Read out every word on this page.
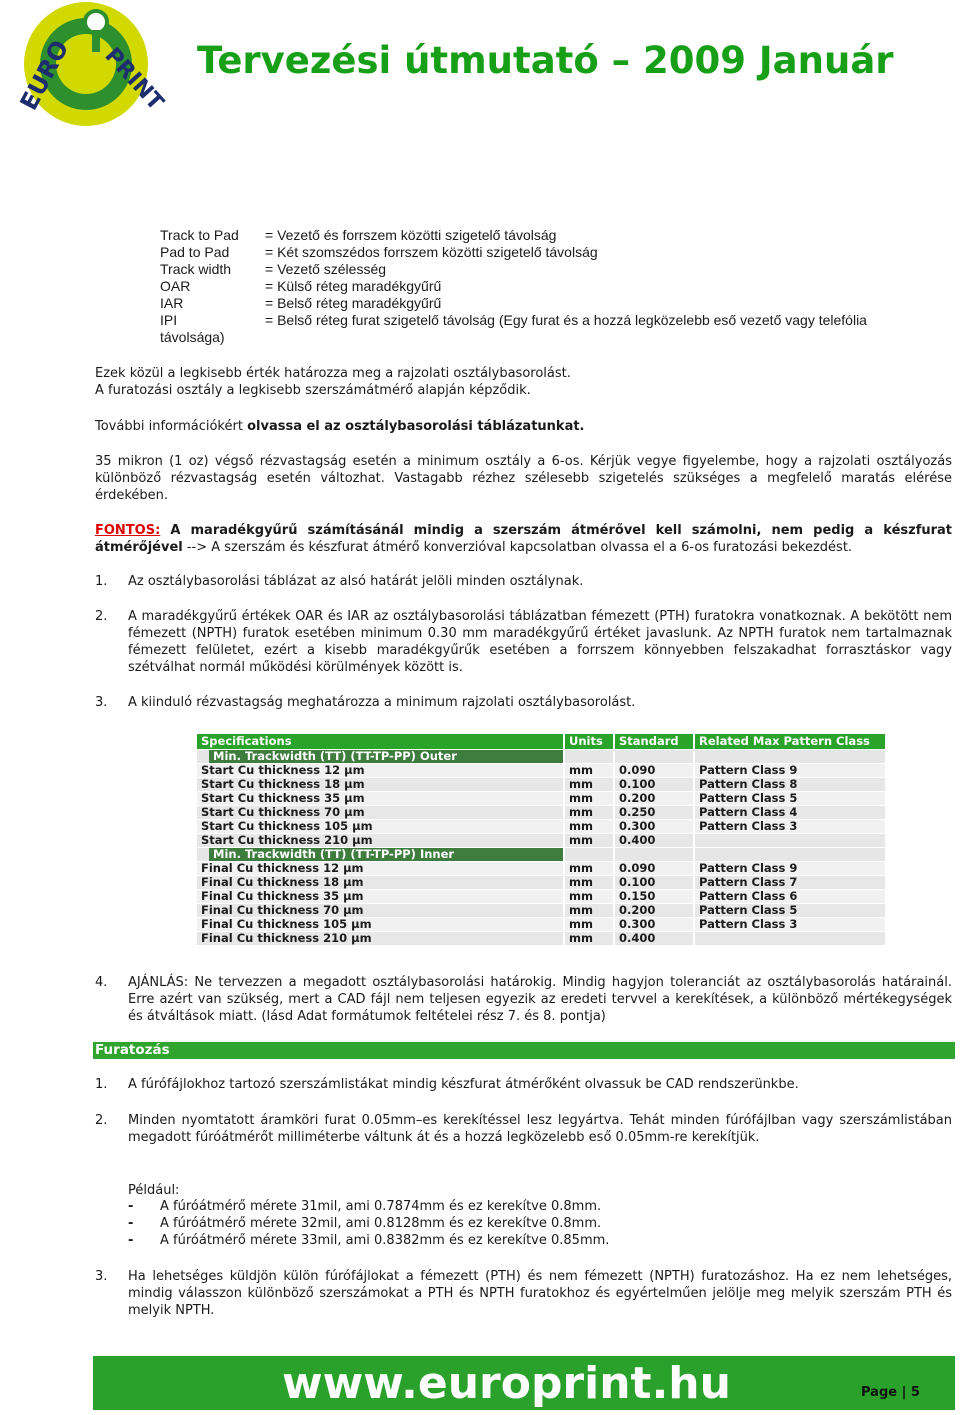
EURO PRINT Tervezési útmutató – 2009 Január
Track to Pad = Vezető és forrszem közötti szigetelő távolság
Pad to Pad	= Két szomszédos forrszem közötti szigetelő távolság
Track width = Vezető szélesség
OAR	= Külső réteg maradékgyűrű
IAR	= Belső réteg maradékgyűrű
IPI	= Belső réteg furat szigetelő távolság (Egy furat és a hozzá legközelebb eső vezető vagy telefólia távolsága)
Ezek közül a legkisebb érték határozza meg a rajzolati osztálybasorolást.
A furatozási osztály a legkisebb szerszámátmérő alapján képződik.
További információkért olvassa el az osztálybasorolási táblázatunkat.
35 mikron (1 oz) végső rézvastagság esetén a minimum osztály a 6-os. Kérjük vegye figyelembe, hogy a rajzolati osztályozás különböző rézvastagság esetén változhat. Vastagabb rézhez szélesebb szigetelés szükséges a megfelelő maratás elérése érdekében.
FONTOS: A maradékgyűrű számításánál mindig a szerszám átmérővel kell számolni, nem pedig a készfurat átmérőjével --> A szerszám és készfurat átmérő konverzióval kapcsolatban olvassa el a 6-os furatozási bekezdést.
1. Az osztálybasorolási táblázat az alsó határát jelöli minden osztálynak.
2. A maradékgyűrű értékek OAR és IAR az osztálybasorolási táblázatban fémezett (PTH) furatokra vonatkoznak. A bekötött nem fémezett (NPTH) furatok esetében minimum 0.30 mm maradékgyűrű értéket javaslunk. Az NPTH furatok nem tartalmaznak fémezett felületet, ezért a kisebb maradékgyűrűk esetében a forrszem könnyebben felszakadhat forrasztáskor vagy szétválhat normál működési körülmények között is.
3. A kiinduló rézvastagság meghatározza a minimum rajzolati osztálybasorolást.
Specifications	Units	Standard	Related Max Pattern Class
Min. Trackwidth (TT) (TT-TP-PP) Outer			
Start Cu thickness 12 µm	mm	0.090	Pattern Class 9
Start Cu thickness 18 µm	mm	0.100	Pattern Class 8
Start Cu thickness 35 µm	mm	0.200	Pattern Class 5
Start Cu thickness 70 µm	mm	0.250	Pattern Class 4
Start Cu thickness 105 µm	mm	0.300	Pattern Class 3
Start Cu thickness 210 µm	mm	0.400	
Min. Trackwidth (TT) (TT-TP-PP) Inner			
Final Cu thickness 12 µm	mm	0.090	Pattern Class 9
Final Cu thickness 18 µm	mm	0.100	Pattern Class 7
Final Cu thickness 35 µm	mm	0.150	Pattern Class 6
Final Cu thickness 70 µm	mm	0.200	Pattern Class 5
Final Cu thickness 105 µm	mm	0.300	Pattern Class 3
Final Cu thickness 210 µm	mm	0.400	
4. AJÁNLÁS: Ne tervezzen a megadott osztálybasorolási határokig. Mindig hagyjon toleranciát az osztálybasorolás határainál. Erre azért van szükség, mert a CAD fájl nem teljesen egyezik az eredeti tervvel a kerekítések, a különböző mértékegységek és átváltások miatt. (lásd Adat formátumok feltételei rész 7. és 8. pontja)
Furatozás
1. A fúrófájlokhoz tartozó szerszámlistákat mindig készfurat átmérőként olvassuk be CAD rendszerünkbe.
2. Minden nyomtatott áramköri furat 0.05mm–es kerekítéssel lesz legyártva. Tehát minden fúrófájlban vagy szerszámlistában megadott fúróátmérőt milliméterbe váltunk át és a hozzá legközelebb eső 0.05mm-re kerekítjük.
Például:
- A fúróátmérő mérete 31mil, ami 0.7874mm és ez kerekítve 0.8mm.
- A fúróátmérő mérete 32mil, ami 0.8128mm és ez kerekítve 0.8mm.
- A fúróátmérő mérete 33mil, ami 0.8382mm és ez kerekítve 0.85mm.
3. Ha lehetséges küldjön külön fúrófájlokat a fémezett (PTH) és nem fémezett (NPTH) furatozáshoz. Ha ez nem lehetséges, mindig válasszon különböző szerszámokat a PTH és NPTH furatokhoz és egyértelműen jelölje meg melyik szerszám PTH és melyik NPTH.
www.europrint.hu	Page | 5
